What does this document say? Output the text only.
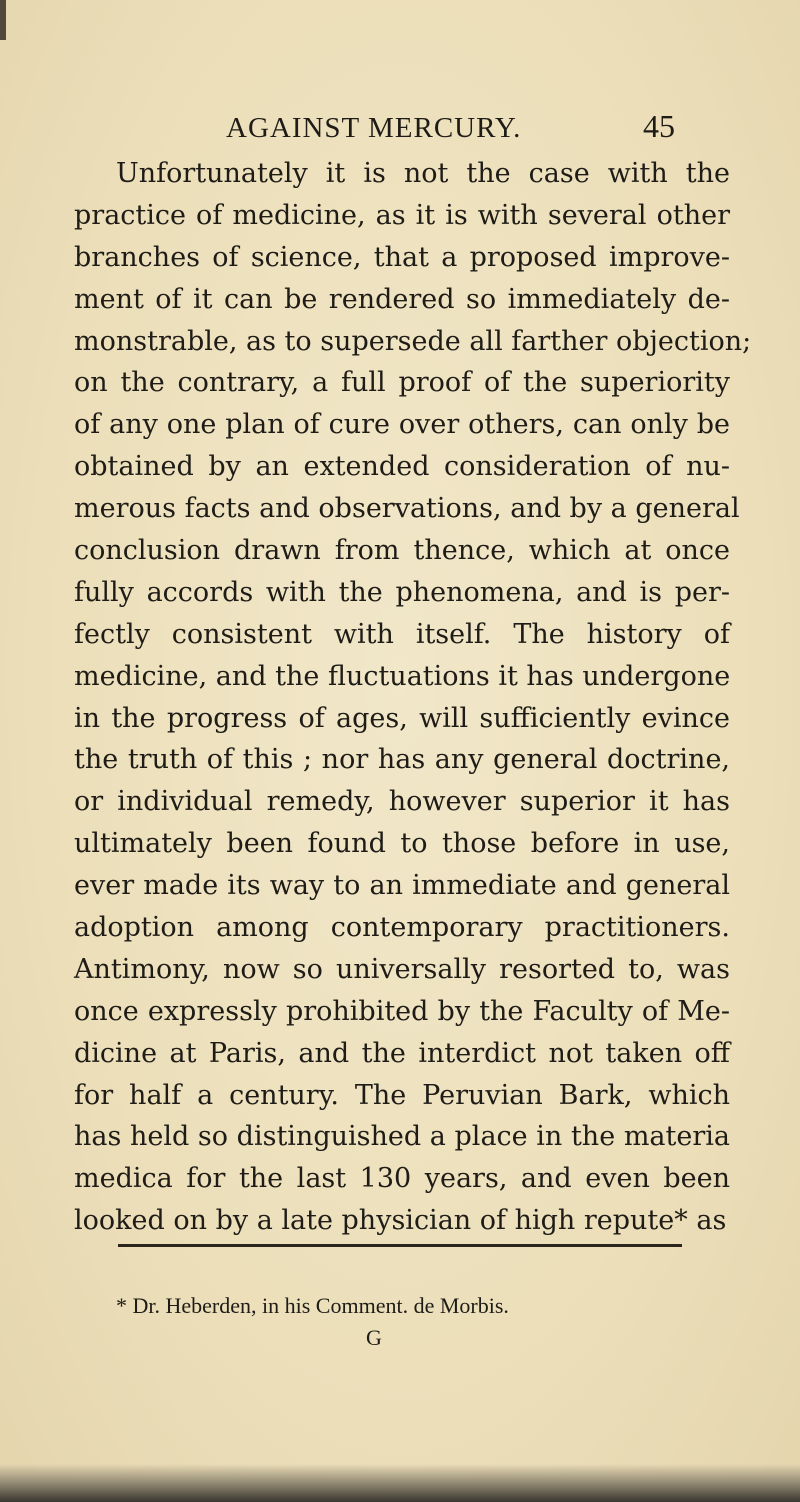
AGAINST MERCURY.	45
Unfortunately it is not the case with the
practice of medicine, as it is with several other
branches of science, that a proposed improve-
ment of it can be rendered so immediately de-
monstrable, as to supersede all farther objection;
on the contrary, a full proof of the superiority
of any one plan of cure over others, can only be
obtained by an extended consideration of nu-
merous facts and observations, and by a general
conclusion drawn from thence, which at once
fully accords with the phenomena, and is per-
fectly consistent with itself. The history of
medicine, and the fluctuations it has undergone
in the progress of ages, will sufficiently evince
the truth of this ; nor has any general doctrine,
or individual remedy, however superior it has
ultimately been found to those before in use,
ever made its way to an immediate and general
adoption among contemporary practitioners.
Antimony, now so universally resorted to, was
once expressly prohibited by the Faculty of Me-
dicine at Paris, and the interdict not taken off
for half a century. The Peruvian Bark, which
has held so distinguished a place in the materia
medica for the last 130 years, and even been
looked on by a late physician of high repute* as
* Dr. Heberden, in his Comment. de Morbis.
G
